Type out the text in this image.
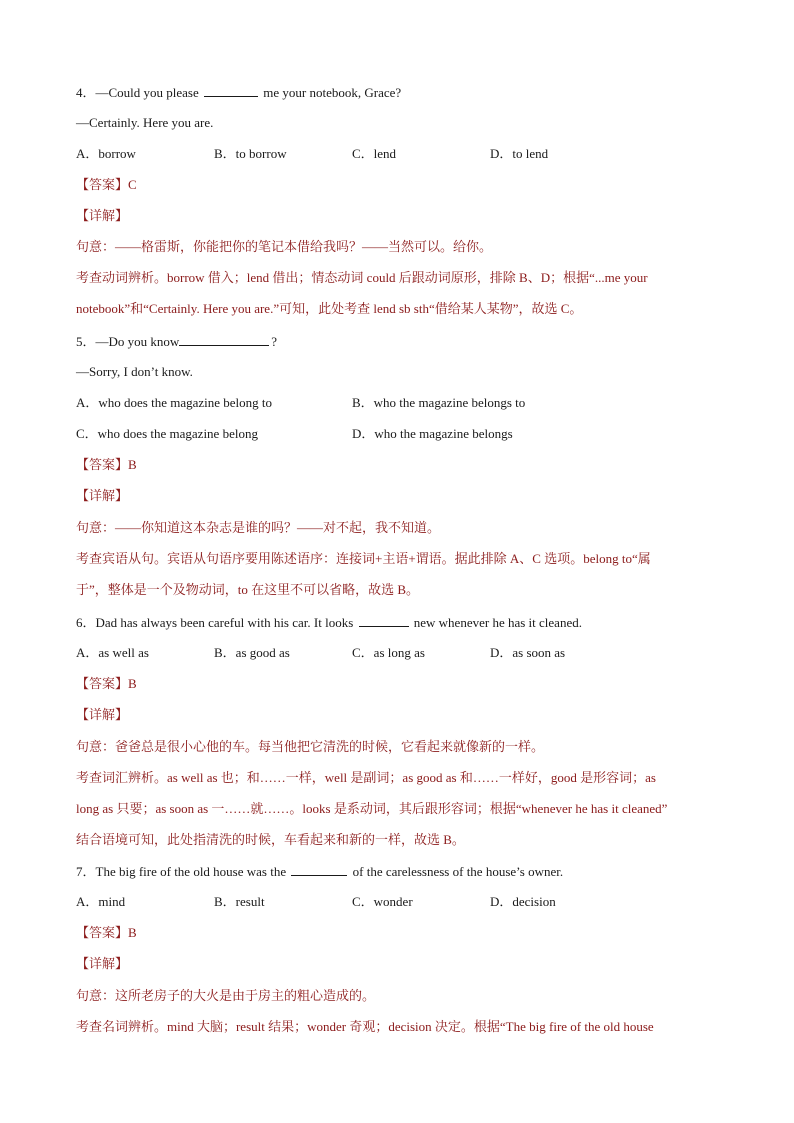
4．—Could you please	me your notebook, Grace?
—Certainly. Here you are.
A．borrow	B．to borrow	C．lend	D．to lend
【答案】C
【详解】
句意：——格雷斯，你能把你的笔记本借给我吗？——当然可以。给你。
考查动词辨析。borrow 借入；lend 借出；情态动词 could 后跟动词原形，排除 B、D；根据“...me your
notebook”和“Certainly. Here you are.”可知，此处考查 lend sb sth“借给某人某物”，故选 C。
5．—Do you know	?
—Sorry, I don’t know.
A．who does the magazine belong to	B．who the magazine belongs to
C．who does the magazine belong	D．who the magazine belongs
【答案】B
【详解】
句意：——你知道这本杂志是谁的吗？——对不起，我不知道。
考查宾语从句。宾语从句语序要用陈述语序：连接词+主语+谓语。据此排除 A、C 选项。belong to“属
于”，整体是一个及物动词，to 在这里不可以省略，故选 B。
6．Dad has always been careful with his car. It looks	new whenever he has it cleaned.
A．as well as	B．as good as	C．as long as	D．as soon as
【答案】B
【详解】
句意：爸爸总是很小心他的车。每当他把它清洗的时候，它看起来就像新的一样。
考查词汇辨析。as well as 也；和……一样，well 是副词；as good as 和……一样好，good 是形容词；as
long as 只要；as soon as 一……就……。looks 是系动词，其后跟形容词；根据“whenever he has it cleaned”
结合语境可知，此处指清洗的时候，车看起来和新的一样，故选 B。
7．The big fire of the old house was the	of the carelessness of the house’s owner.
A．mind	B．result	C．wonder	D．decision
【答案】B
【详解】
句意：这所老房子的大火是由于房主的粗心造成的。
考查名词辨析。mind 大脑；result 结果；wonder 奇观；decision 决定。根据“The big fire of the old house
